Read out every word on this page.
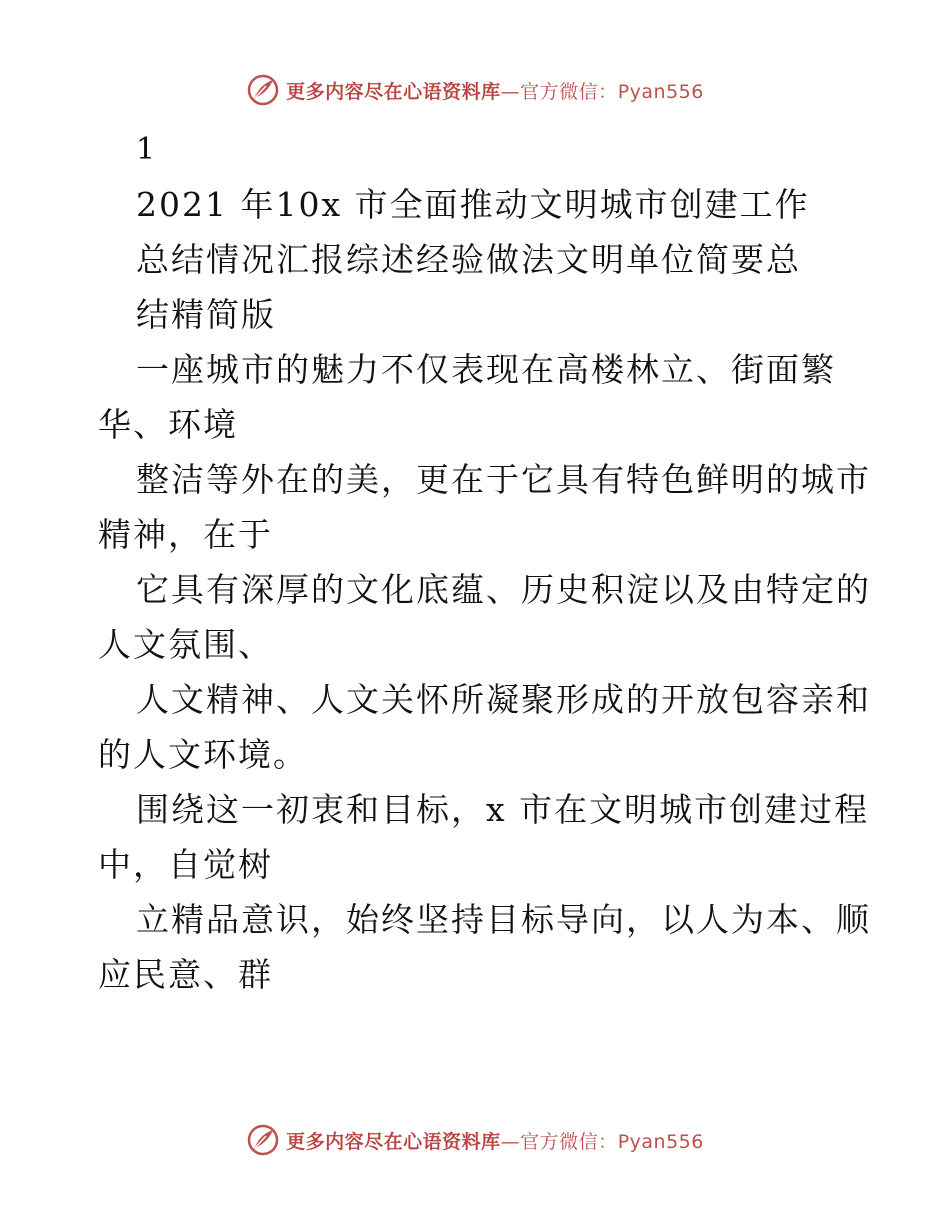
更多内容尽在心语资料库—官方微信：Pyan556
1
2021 年10x 市全面推动文明城市创建工作
总结情况汇报综述经验做法文明单位简要总
结精简版
一座城市的魅力不仅表现在高楼林立、街面繁
华、环境
整洁等外在的美，更在于它具有特色鲜明的城市
精神，在于
它具有深厚的文化底蕴、历史积淀以及由特定的
人文氛围、
人文精神、人文关怀所凝聚形成的开放包容亲和
的人文环境。
围绕这一初衷和目标，x 市在文明城市创建过程
中，自觉树
立精品意识，始终坚持目标导向，以人为本、顺
应民意、群
更多内容尽在心语资料库—官方微信：Pyan556
